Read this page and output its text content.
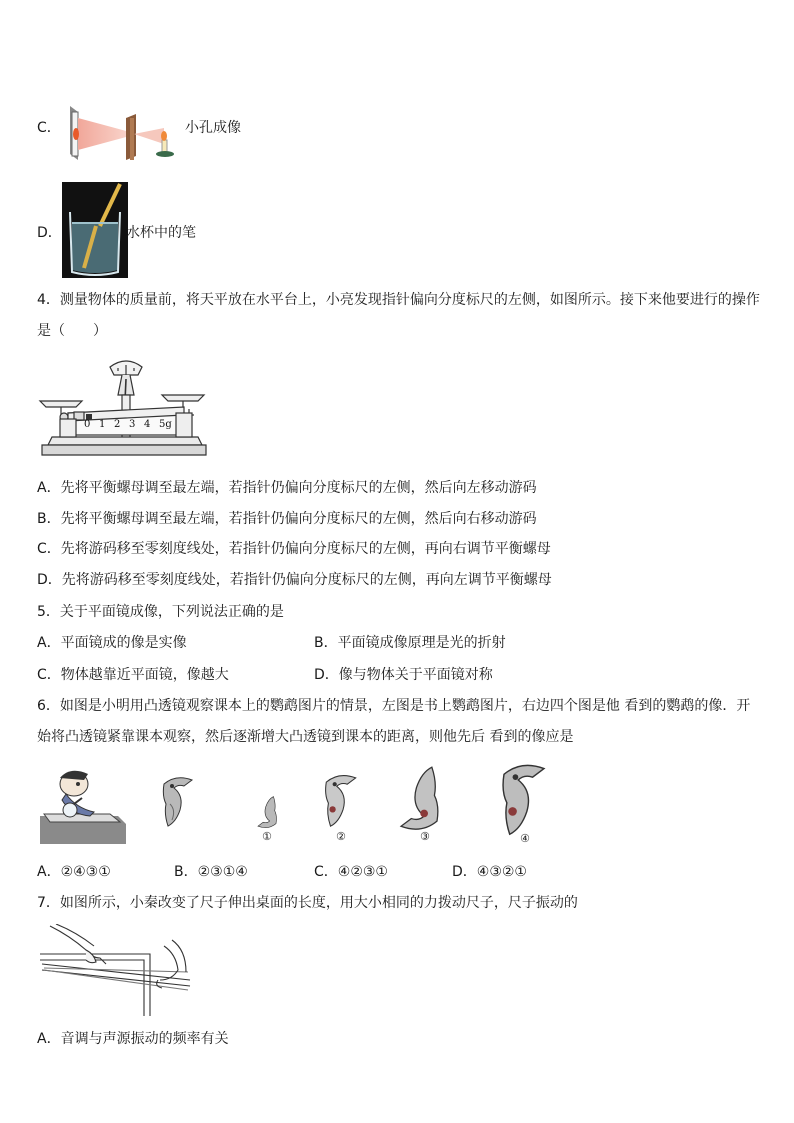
C．	小孔成像
D．	水杯中的笔
4．测量物体的质量前，将天平放在水平台上，小亮发现指针偏向分度标尺的左侧，如图所示。接下来他要进行的操作
是（　　）
0 1 2 3 4 5g
A．先将平衡螺母调至最左端，若指针仍偏向分度标尺的左侧，然后向左移动游码
B．先将平衡螺母调至最左端，若指针仍偏向分度标尺的左侧，然后向右移动游码
C．先将游码移至零刻度线处，若指针仍偏向分度标尺的左侧，再向右调节平衡螺母
D．先将游码移至零刻度线处，若指针仍偏向分度标尺的左侧，再向左调节平衡螺母
5．关于平面镜成像，下列说法正确的是
A．平面镜成的像是实像	B．平面镜成像原理是光的折射
C．物体越靠近平面镜，像越大	D．像与物体关于平面镜对称
6．如图是小明用凸透镜观察课本上的鹦鹉图片的情景，左图是书上鹦鹉图片，右边四个图是他 看到的鹦鹉的像．开
始将凸透镜紧靠课本观察，然后逐渐增大凸透镜到课本的距离，则他先后 看到的像应是
①	②	③	④
A．②④③①	B．②③①④	C．④②③①	D．④③②①
7．如图所示，小秦改变了尺子伸出桌面的长度，用大小相同的力拨动尺子，尺子振动的
A．音调与声源振动的频率有关
